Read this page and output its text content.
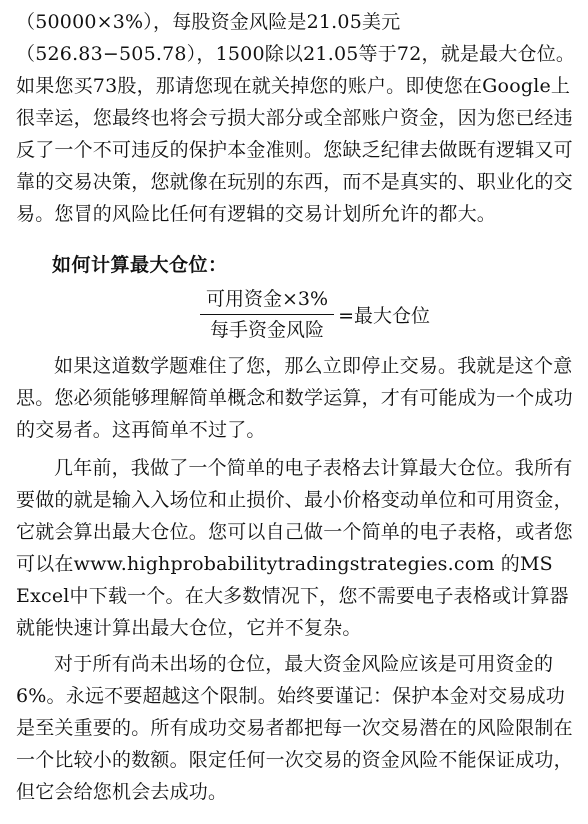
（50000×3%），每股资金风险是21.05美元（526.83−505.78），1500除以21.05等于72，就是最大仓位。如果您买73股，那请您现在就关掉您的账户。即使您在Google上很幸运，您最终也将会亏损大部分或全部账户资金，因为您已经违反了一个不可违反的保护本金准则。您缺乏纪律去做既有逻辑又可靠的交易决策，您就像在玩别的东西，而不是真实的、职业化的交易。您冒的风险比任何有逻辑的交易计划所允许的都大。

如何计算最大仓位：
$\frac{\text{可用资金×3\%}}{\text{每手资金风险}}$ =最大仓位

如果这道数学题难住了您，那么立即停止交易。我就是这个意思。您必须能够理解简单概念和数学运算，才有可能成为一个成功的交易者。这再简单不过了。

几年前，我做了一个简单的电子表格去计算最大仓位。我所有要做的就是输入入场位和止损价、最小价格变动单位和可用资金，它就会算出最大仓位。您可以自己做一个简单的电子表格，或者您可以在www.highprobabilitytradingstrategies.com 的MS Excel中下载一个。在大多数情况下，您不需要电子表格或计算器就能快速计算出最大仓位，它并不复杂。

对于所有尚未出场的仓位，最大资金风险应该是可用资金的6%。永远不要超越这个限制。始终要谨记：保护本金对交易成功是至关重要的。所有成功交易者都把每一次交易潜在的风险限制在一个比较小的数额。限定任何一次交易的资金风险不能保证成功，但它会给您机会去成功。
